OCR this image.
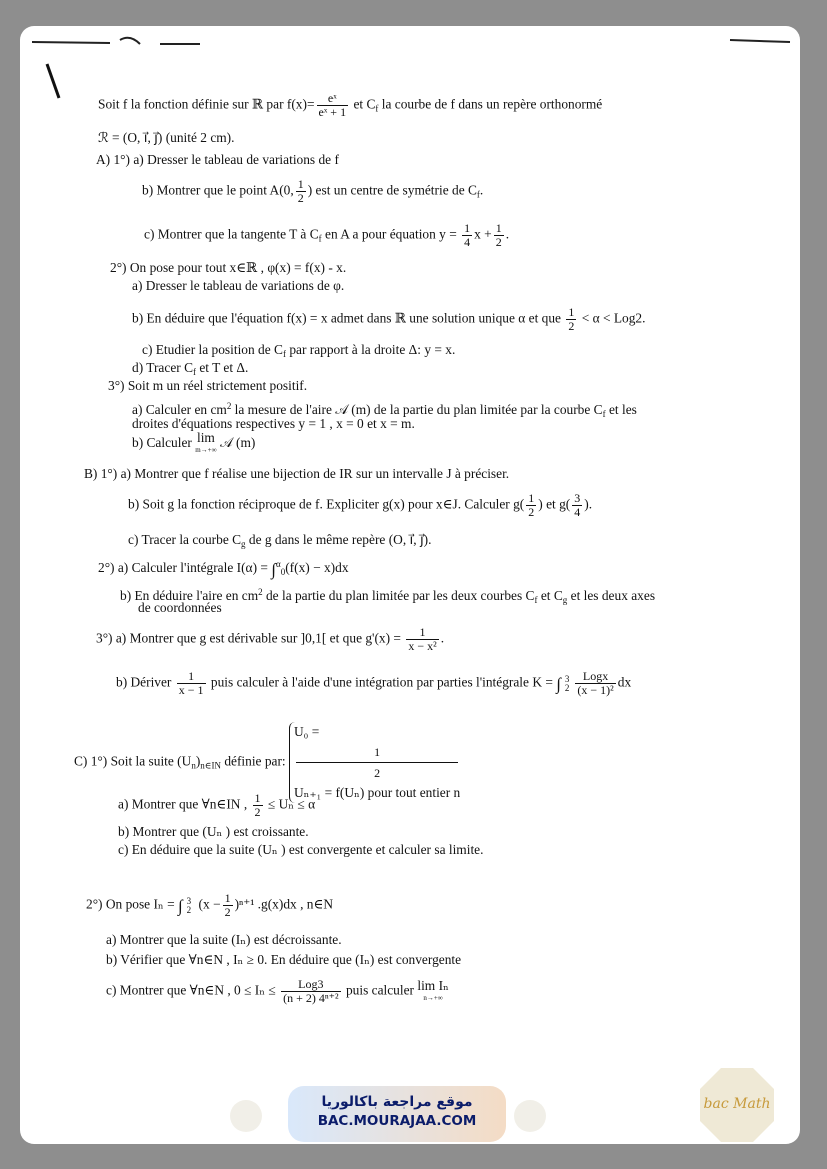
Soit f la fonction définie sur ℝ par $f(x)= \frac{\text{eˣ}}{\text{eˣ + 1}}$ et $C_f$ la courbe de f dans un repère orthonormé
ℛ = (O, i⃗, j⃗) (unité 2 cm).
A) 1°) a) Dresser le tableau de variations de f
b) Montrer que le point A(0, $\frac{1}{2}$ ) est un centre de symétrie de $C_f$.
c) Montrer que la tangente T à $C_f$ en A a pour équation $y = \frac{1}{4}$ $x + \frac{1}{2}$ .
2°) On pose pour tout x∈ℝ , φ(x) = f(x) - x.
a) Dresser le tableau de variations de φ.
b) En déduire que l'équation f(x) = x admet dans ℝ une solution unique α et que $\frac{1}{2} < \alpha < Log2$.
c) Etudier la position de $C_f$ par rapport à la droite Δ: y = x.
d) Tracer $C_f$ et T et Δ.
3°) Soit m un réel strictement positif.
a) Calculer en $cm^2$ la mesure de l'aire 𝒜 (m) de la partie du plan limitée par la courbe $C_f$ et les
droites d'équations respectives y = 1 , x = 0 et x = m.
b) Calculer lim
m→+∞ 𝒜 (m)
B) 1°) a) Montrer que f réalise une bijection de IR sur un intervalle J à préciser.
b) Soit g la fonction réciproque de f. Expliciter g(x) pour x∈J. Calculer $g( \frac{1}{2}$ ) et $g( \frac{3}{4}$ ).
c) Tracer la courbe $C_g$ de g dans le même repère (O, i⃗, j⃗).
2°) a) Calculer l'intégrale I(α) = ∫$^\alpha_0$(f(x) − x)dx
b) En déduire l'aire en $cm^2$ de la partie du plan limitée par les deux courbes $C_f$ et $C_g$ et les deux axes
de coordonnées
3°) a) Montrer que g est dérivable sur ]0,1[ et que $g'(x) = \frac{1}{\text{x − x²}}$ .
b) Dériver $\frac{1}{x - 1}$ puis calculer à l'aide d'une intégration par parties l'intégrale K = ∫ 3
$2 \frac{\text{Logx}}{\text{(x − 1)²}}$ dx
C) 1°) Soit la suite $(U_n)_{n\in IN}$ définie par:
U₀ =
1
2
Uₙ₊₁ = f(Uₙ) pour tout entier n
a) Montrer que ∀n∈IN , $\frac{1}{2} \le U_n \le \alpha$
b) Montrer que (Uₙ ) est croissante.
c) En déduire que la suite (Uₙ ) est convergente et calculer sa limite.
2°) On pose Iₙ = ∫ 3
2 $(x - \frac{1}{2} )^{n+1}$ .g(x)dx , n∈N
a) Montrer que la suite (Iₙ) est décroissante.
b) Vérifier que ∀n∈N , Iₙ ≥ 0. En déduire que (Iₙ) est convergente
c) Montrer que ∀n∈N , $0 \le I_n \le \frac{\text{Log3}}{\text{(n + 2) 4ⁿ⁺²}}$ puis calculer lim Iₙ
n→+∞
موقع مراجعة باكالوريا
BAC.MOURAJAA.COM
bac Math
